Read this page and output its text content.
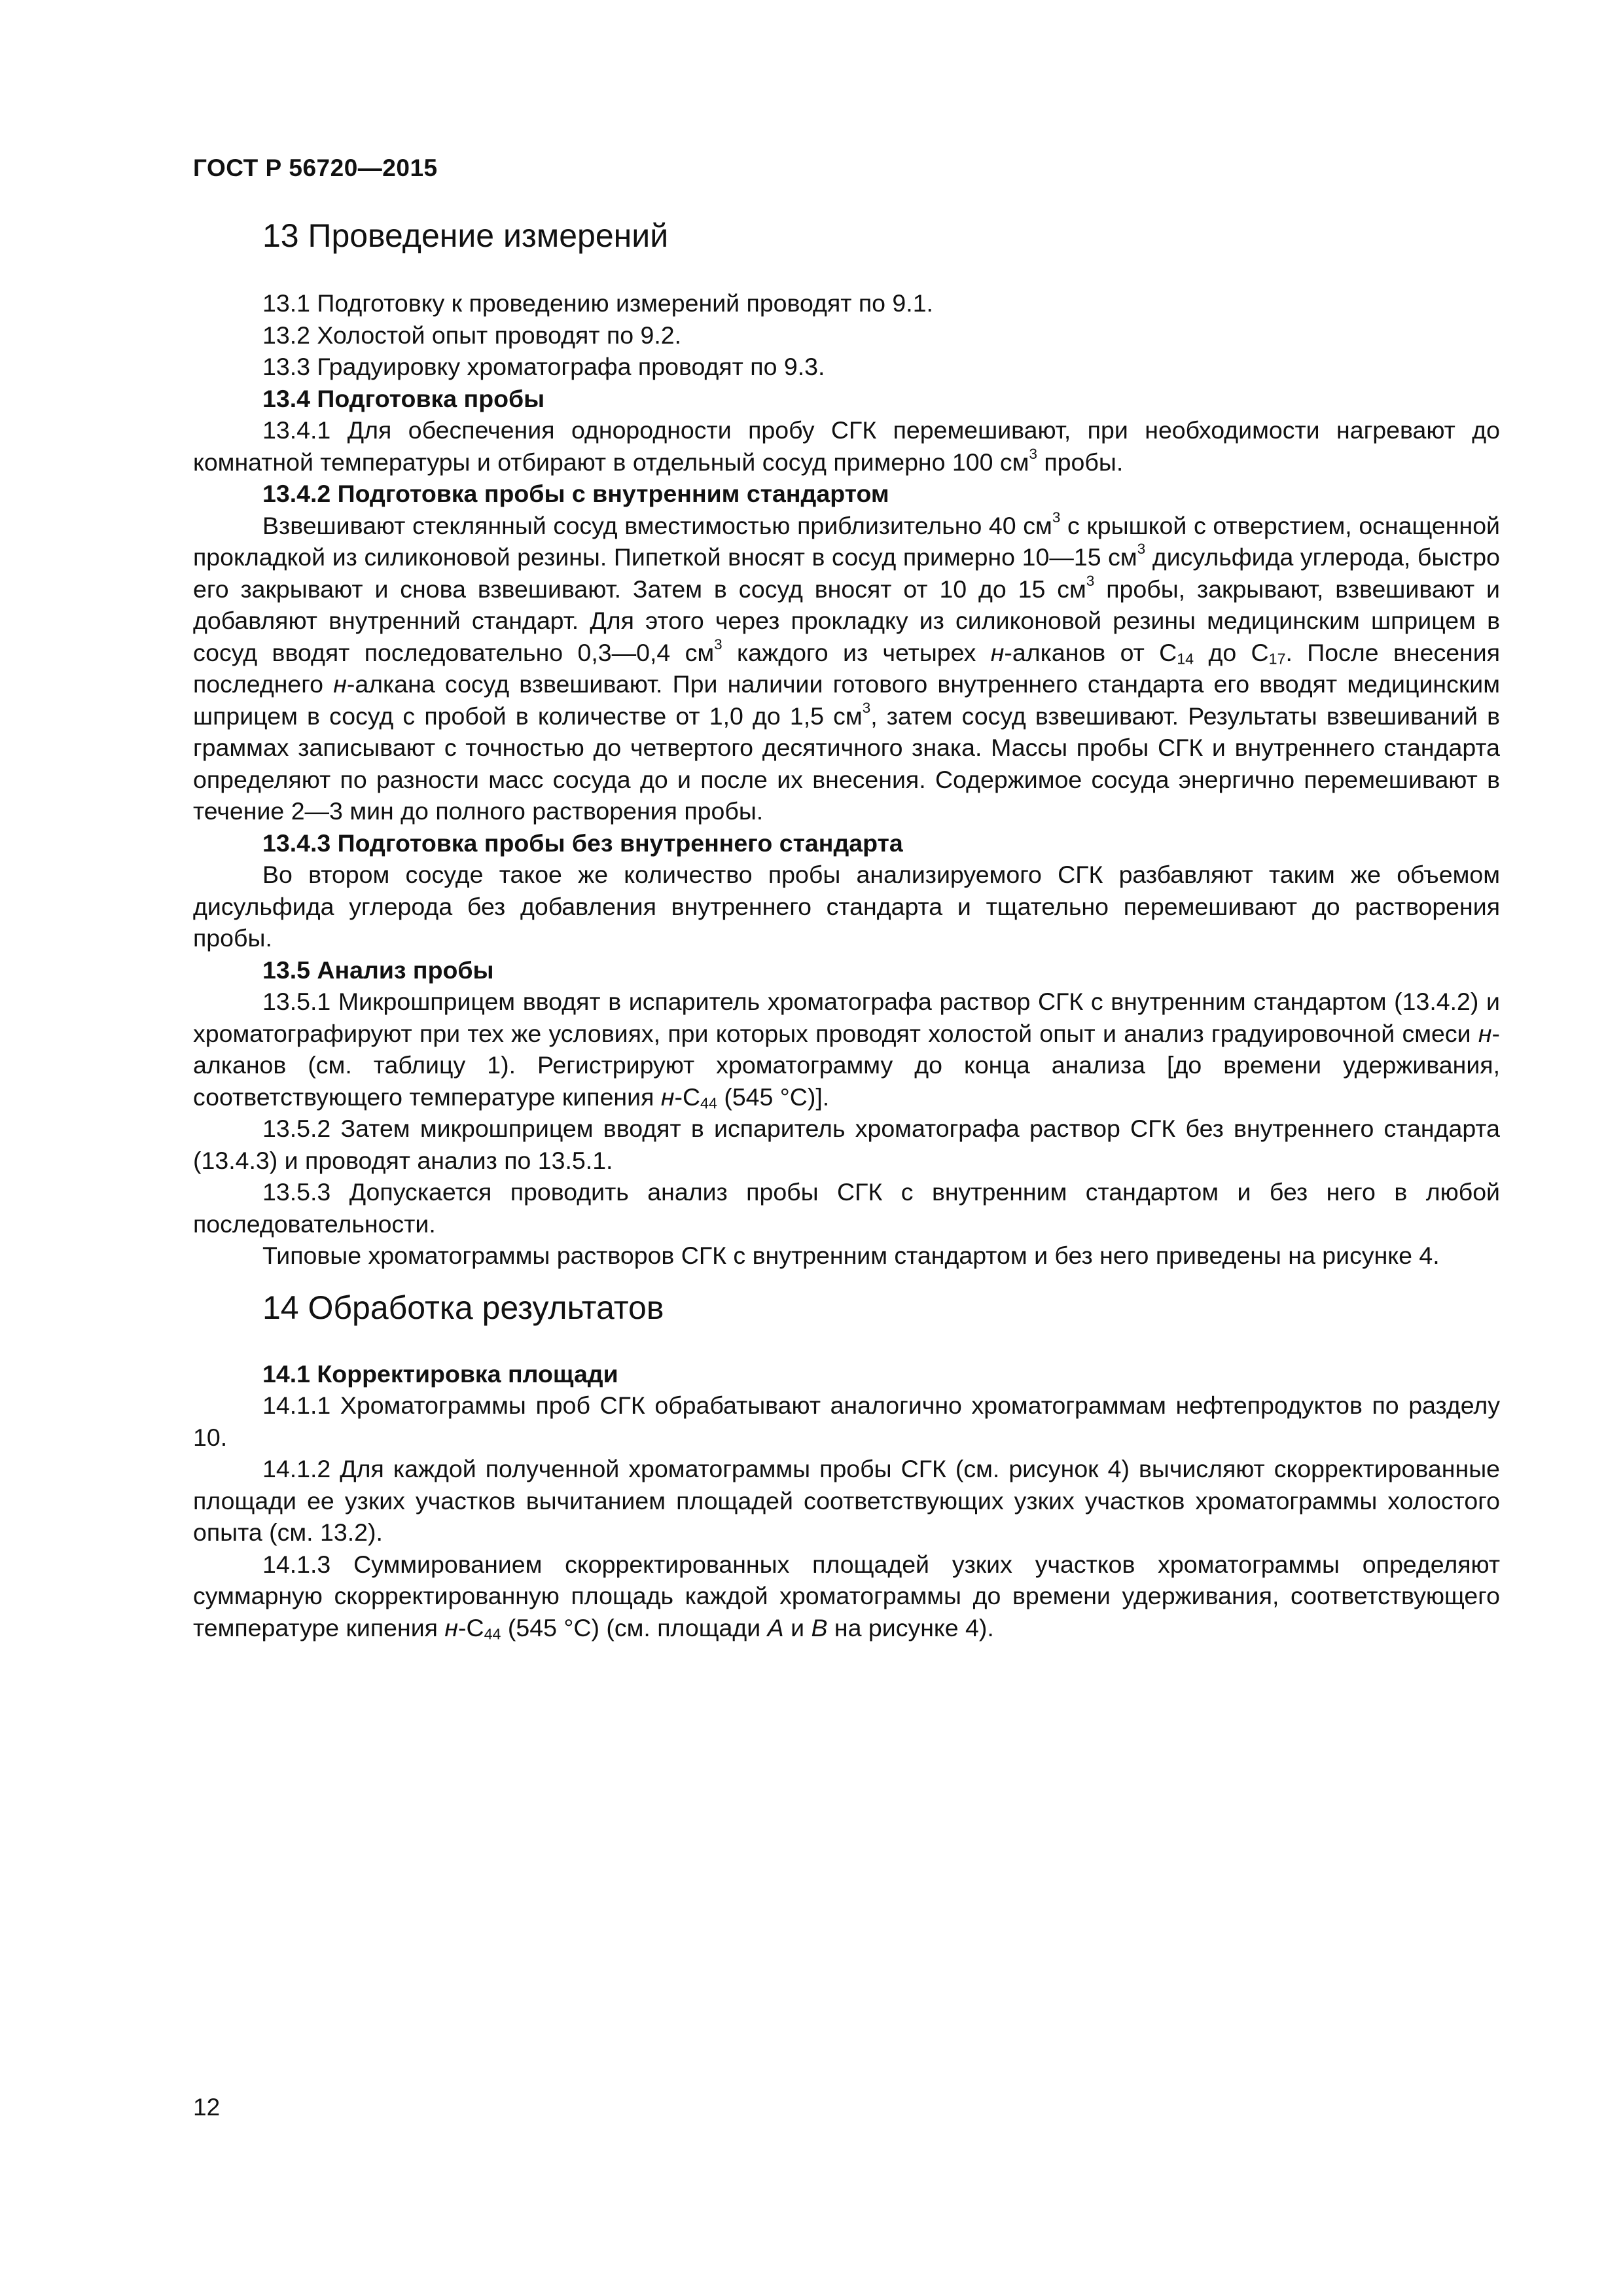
ГОСТ Р 56720—2015
13 Проведение измерений

13.1 Подготовку к проведению измерений проводят по 9.1.

13.2 Холостой опыт проводят по 9.2.

13.3 Градуировку хроматографа проводят по 9.3.

13.4 Подготовка пробы

13.4.1 Для обеспечения однородности пробу СГК перемешивают, при необходимости нагревают до комнатной температуры и отбирают в отдельный сосуд примерно 100 $см^3$ пробы.

13.4.2 Подготовка пробы с внутренним стандартом

Взвешивают стеклянный сосуд вместимостью приблизительно 40 $см^3$ с крышкой с отверстием, оснащенной прокладкой из силиконовой резины. Пипеткой вносят в сосуд примерно 10—15 $см^3$ дисульфида углерода, быстро его закрывают и снова взвешивают. Затем в сосуд вносят от 10 до 15 $см^3$ пробы, закрывают, взвешивают и добавляют внутренний стандарт. Для этого через прокладку из силиконовой резины медицинским шприцем в сосуд вводят последовательно 0,3—0,4 $см^3$ каждого из четырех н-алканов от $С_{14}$ до $С_{17}$. После внесения последнего н-алкана сосуд взвешивают. При наличии готового внутреннего стандарта его вводят медицинским шприцем в сосуд с пробой в количестве от 1,0 до 1,5 $см^3$, затем сосуд взвешивают. Результаты взвешиваний в граммах записывают с точностью до четвертого десятичного знака. Массы пробы СГК и внутреннего стандарта определяют по разности масс сосуда до и после их внесения. Содержимое сосуда энергично перемешивают в течение 2—3 мин до полного растворения пробы.

13.4.3 Подготовка пробы без внутреннего стандарта

Во втором сосуде такое же количество пробы анализируемого СГК разбавляют таким же объемом дисульфида углерода без добавления внутреннего стандарта и тщательно перемешивают до растворения пробы.

13.5 Анализ пробы

13.5.1 Микрошприцем вводят в испаритель хроматографа раствор СГК с внутренним стандартом (13.4.2) и хроматографируют при тех же условиях, при которых проводят холостой опыт и анализ градуировочной смеси н-алканов (см. таблицу 1). Регистрируют хроматограмму до конца анализа [до времени удерживания, соответствующего температуре кипения $н-С_{44}$ (545 °С)].

13.5.2 Затем микрошприцем вводят в испаритель хроматографа раствор СГК без внутреннего стандарта (13.4.3) и проводят анализ по 13.5.1.

13.5.3 Допускается проводить анализ пробы СГК с внутренним стандартом и без него в любой последовательности.

Типовые хроматограммы растворов СГК с внутренним стандартом и без него приведены на рисунке 4.

14 Обработка результатов

14.1 Корректировка площади

14.1.1 Хроматограммы проб СГК обрабатывают аналогично хроматограммам нефтепродуктов по разделу 10.

14.1.2 Для каждой полученной хроматограммы пробы СГК (см. рисунок 4) вычисляют скорректированные площади ее узких участков вычитанием площадей соответствующих узких участков хроматограммы холостого опыта (см. 13.2).

14.1.3 Суммированием скорректированных площадей узких участков хроматограммы определяют суммарную скорректированную площадь каждой хроматограммы до времени удерживания, соответствующего температуре кипения $н-С_{44}$ (545 °С) (см. площади А и В на рисунке 4).

12
